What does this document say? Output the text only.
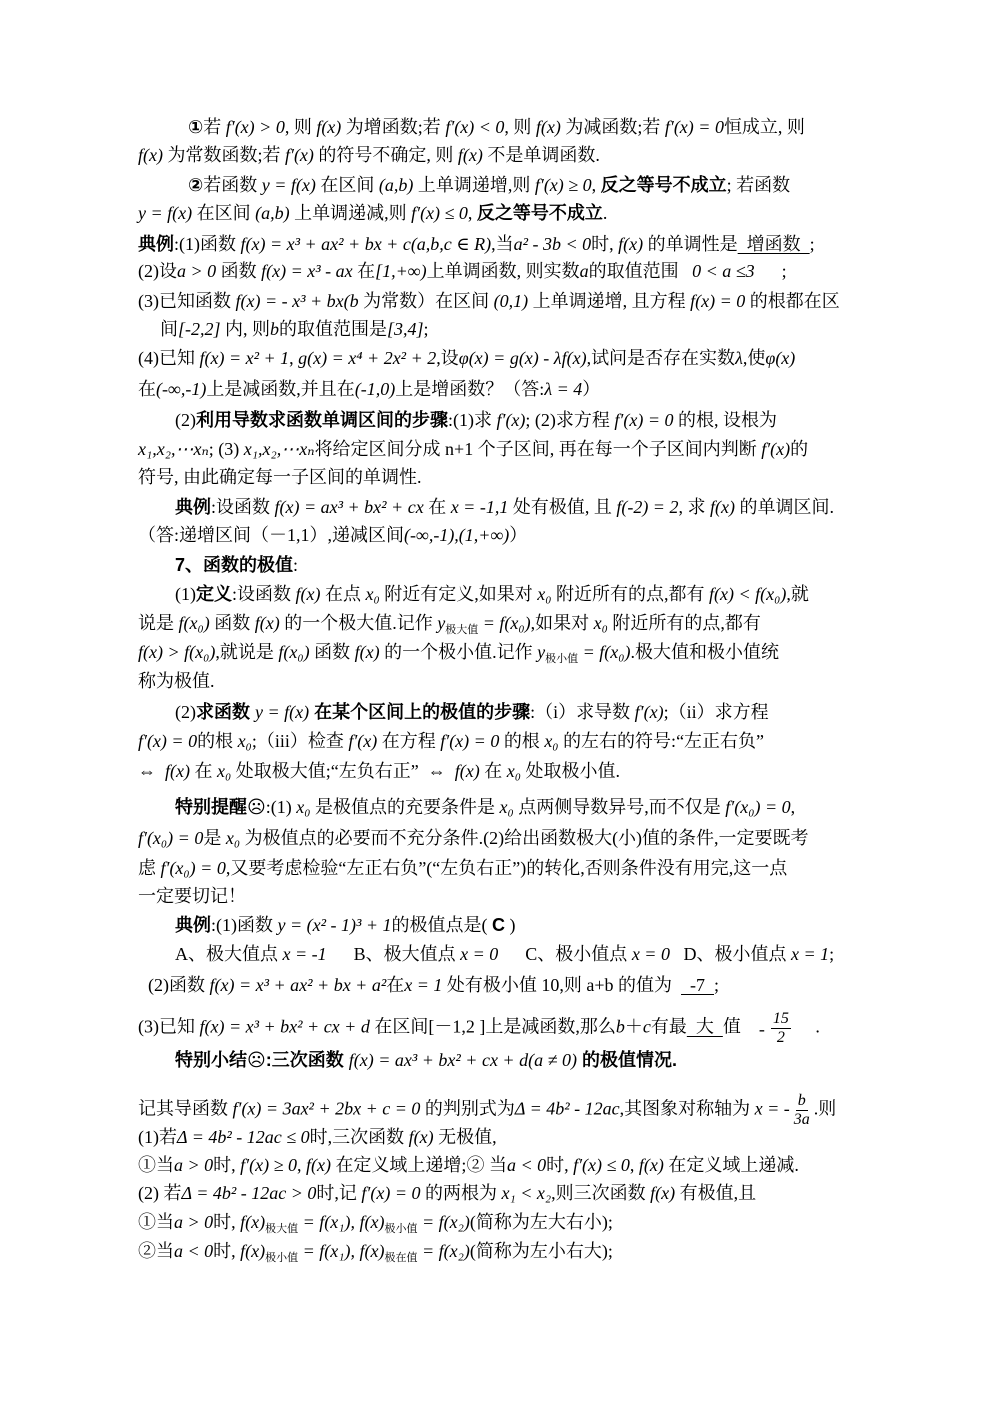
①若 f′(x) > 0, 则 f(x) 为增函数;若 f′(x) < 0, 则 f(x) 为减函数;若 f′(x) = 0恒成立, 则
f(x) 为常数函数;若 f′(x) 的符号不确定, 则 f(x) 不是单调函数.
②若函数 y = f(x) 在区间 (a,b) 上单调递增,则 f′(x) ≥ 0, 反之等号不成立; 若函数
y = f(x) 在区间 (a,b) 上单调递减,则 f′(x) ≤ 0, 反之等号不成立.
典例:(1)函数 f(x) = x³ + ax² + bx + c(a,b,c ∈ R),当a² - 3b < 0时, f(x) 的单调性是  增函数  ;
(2)设a > 0 函数 f(x) = x³ - ax 在[1,+∞)上单调函数, 则实数a的取值范围   0 < a ≤3      ;
(3)已知函数 f(x) = - x³ + bx(b 为常数）在区间 (0,1) 上单调递增, 且方程 f(x) = 0 的根都在区
间[-2,2] 内, 则b的取值范围是[3,4];
(4)已知 f(x) = x² + 1, g(x) = x⁴ + 2x² + 2,设φ(x) = g(x) - λf(x),试问是否存在实数λ,使φ(x)
在(-∞,-1)上是减函数,并且在(-1,0)上是增函数？（答:λ = 4）
(2)利用导数求函数单调区间的步骤:(1)求 f′(x); (2)求方程 f′(x) = 0 的根, 设根为
x₁,x₂,⋯xₙ; (3) x₁,x₂,⋯xₙ将给定区间分成 n+1 个子区间, 再在每一个子区间内判断 f′(x)的
符号, 由此确定每一子区间的单调性.
典例:设函数 f(x) = ax³ + bx² + cx 在 x = -1,1 处有极值, 且 f(-2) = 2, 求 f(x) 的单调区间.
（答:递增区间（－1,1）,递减区间(-∞,-1),(1,+∞)）
7、函数的极值:
(1)定义:设函数 f(x) 在点 x₀ 附近有定义,如果对 x₀ 附近所有的点,都有 f(x) < f(x₀),就
说是 f(x₀) 函数 f(x) 的一个极大值.记作 $y_{极大值} = f(x_0)$,如果对 x₀ 附近所有的点,都有
f(x) > f(x₀),就说是 f(x₀) 函数 f(x) 的一个极小值.记作 $y_{极小值} = f(x_0)$.极大值和极小值统
称为极值.
(2)求函数 y = f(x) 在某个区间上的极值的步骤:（i）求导数 f′(x);（ii）求方程
f′(x) = 0的根 x₀;（iii）检查 f′(x) 在方程 f′(x) = 0 的根 x₀ 的左右的符号:“左正右负”
⇔  f(x) 在 x₀ 处取极大值;“左负右正”  ⇔  f(x) 在 x₀ 处取极小值.
特别提醒☹:(1) x₀ 是极值点的充要条件是 x₀ 点两侧导数异号,而不仅是 f′(x₀) = 0,
f′(x₀) = 0是 x₀ 为极值点的必要而不充分条件.(2)给出函数极大(小)值的条件,一定要既考
虑 f′(x₀) = 0,又要考虑检验“左正右负”(“左负右正”)的转化,否则条件没有用完,这一点
一定要切记！
典例:(1)函数 y = (x² - 1)³ + 1的极值点是( C )
A、极大值点 x = -1      B、极大值点 x = 0      C、极小值点 x = 0   D、极小值点 x = 1;
(2)函数 f(x) = x³ + ax² + bx + a²在x = 1 处有极小值 10,则 a+b 的值为    -7  ;
(3)已知 f(x) = x³ + bx² + cx + d 在区间[－1,2 ]上是减函数,那么b＋c有最  大  值    - $\frac{15}{2}$ .
特别小结☹:三次函数 f(x) = ax³ + bx² + cx + d(a ≠ 0) 的极值情况.
记其导函数 f′(x) = 3ax² + 2bx + c = 0 的判别式为Δ = 4b² - 12ac,其图象对称轴为 x = - $\frac{b}{3a}$ .则
(1)若Δ = 4b² - 12ac ≤ 0时,三次函数 f(x) 无极值,
①当a > 0时, f′(x) ≥ 0, f(x) 在定义域上递增;② 当a < 0时, f′(x) ≤ 0, f(x) 在定义域上递减.
(2) 若Δ = 4b² - 12ac > 0时,记 f′(x) = 0 的两根为 x₁ < x₂,则三次函数 f(x) 有极值,且
①当a > 0时, $f(x)_{极大值} = f(x_1)$, $f(x)_{极小值} = f(x_2)$(简称为左大右小);
②当a < 0时, $f(x)_{极小值} = f(x_1)$, $f(x)_{极在值} = f(x_2)$(简称为左小右大);
